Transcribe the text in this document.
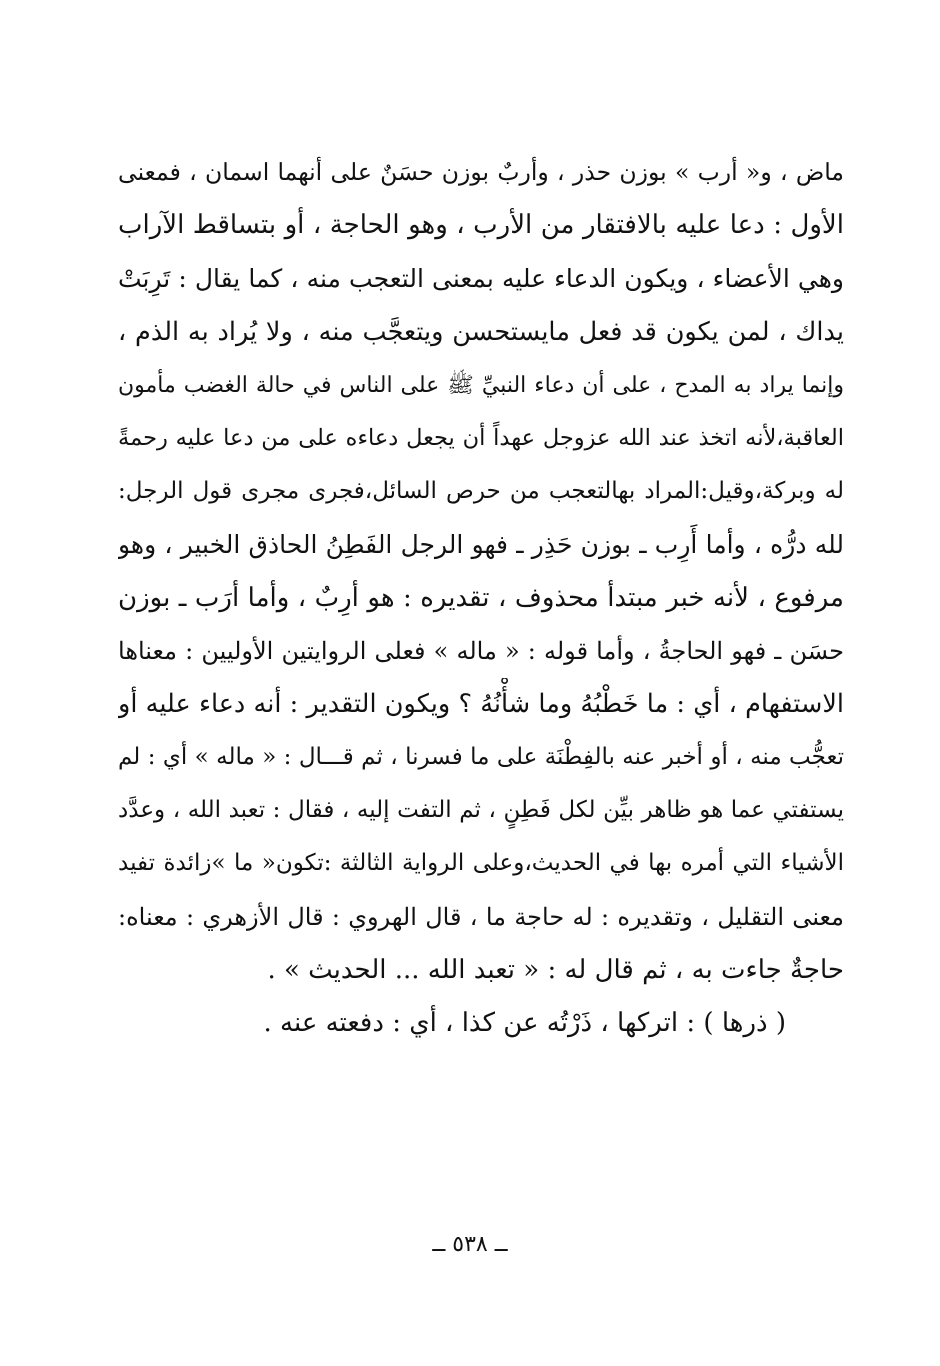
ماض ، و« أرب » بوزن حذر ، وأربٌ بوزن حسَنٌ على أنهما اسمان ، فمعنى
الأول : دعا عليه بالافتقار من الأرب ، وهو الحاجة ، أو بتساقط الآراب
وهي الأعضاء ، ويكون الدعاء عليه بمعنى التعجب منه ، كما يقال : تَرِبَتْ
يداك ، لمن يكون قد فعل مايستحسن ويتعجَّب منه ، ولا يُراد به الذم ،
وإنما يراد به المدح ، على أن دعاء النبيِّ ﷺ على الناس في حالة الغضب مأمون
العاقبة،لأنه اتخذ عند الله عزوجل عهداً أن يجعل دعاءه على من دعا عليه رحمةً
له وبركة،وقيل:المراد بهالتعجب من حرص السائل،فجرى مجرى قول الرجل:
لله درُّه ، وأما أَرِب ـ بوزن حَذِر ـ فهو الرجل الفَطِنُ الحاذق الخبير ، وهو
مرفوع ، لأنه خبر مبتدأ محذوف ، تقديره : هو أرِبٌ ، وأما أرَب ـ بوزن
حسَن ـ فهو الحاجةُ ، وأما قوله : « ماله » فعلى الروايتين الأوليين : معناها
الاستفهام ، أي : ما خَطْبُهُ وما شأْنُهُ ؟ ويكون التقدير : أنه دعاء عليه أو
تعجُّب منه ، أو أخبر عنه بالفِطْنَة على ما فسرنا ، ثم قـــال : « ماله » أي : لم
يستفتي عما هو ظاهر بيِّن لكل فَطِنٍ ، ثم التفت إليه ، فقال : تعبد الله ، وعدَّد
الأشياء التي أمره بها في الحديث،وعلى الرواية الثالثة :تكون« ما »زائدة تفيد
معنى التقليل ، وتقديره : له حاجة ما ، قال الهروي : قال الأزهري : معناه:
حاجةٌ جاءت به ، ثم قال له : « تعبد الله ... الحديث » .
( ذرها ) : اتركها ، ذَرْتُه عن كذا ، أي : دفعته عنه .
ــ ٥٣٨ ــ
